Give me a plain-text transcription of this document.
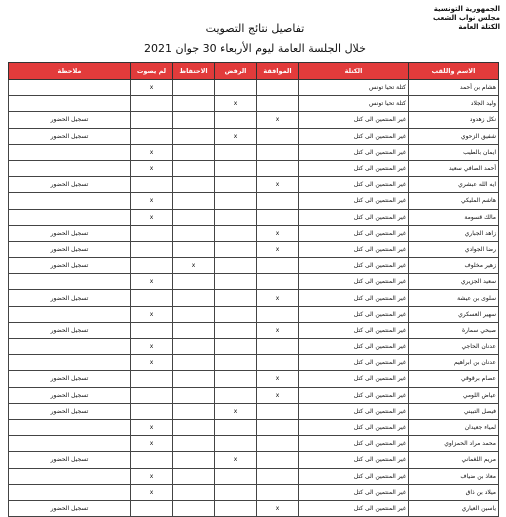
الجمهورية التونسية
مجلس نواب الشعب
الكتلة العامة
تفاصيل نتائج التصويت
خلال الجلسة العامة ليوم الأربعاء 30 جوان 2021
الاسم واللقب	الكتلة	الموافقة	الرفض	الاحتفاظ	لم يصوت	ملاحظة
هشام بن أحمد	كتلة تحيا تونس				x	
وليد الجلاد	كتلة تحيا تونس		x			
نكل زهدود	غير المنتمين الى كتل	x				تسجيل الحضور
شفيق الزحوي	غير المنتمين الى كتل		x			تسجيل الحضور
ايمان بالطيب	غير المنتمين الى كتل				x	
أحمد الصافي سعيد	غير المنتمين الى كتل				x	
ايه الله عبشري	غير المنتمين الى كتل	x				تسجيل الحضور
هاشم المليكي	غير المنتمين الى كتل				x	
مالك قسومة	غير المنتمين الى كتل				x	
زاهد الجباري	غير المنتمين الى كتل	x				تسجيل الحضور
رضا الجوادي	غير المنتمين الى كتل	x				تسجيل الحضور
زهير مخلوف	غير المنتمين الى كتل			x		تسجيل الحضور
سعيد الجزيري	غير المنتمين الى كتل				x	
سلوى بن عيشة	غير المنتمين الى كتل	x				تسجيل الحضور
سهير العسكري	غير المنتمين الى كتل				x	
صبحي سمارة	غير المنتمين الى كتل	x				تسجيل الحضور
عدنان الحاجي	غير المنتمين الى كتل				x	
عدنان بن ابراهيم	غير المنتمين الى كتل				x	
عصام برقوقي	غير المنتمين الى كتل	x				تسجيل الحضور
عياض اللومي	غير المنتمين الى كتل	x				تسجيل الحضور
فيصل التبيني	غير المنتمين الى كتل		x			تسجيل الحضور
لمياء جعيدان	غير المنتمين الى كتل				x	
محمد مراد الحمزاوي	غير المنتمين الى كتل				x	
مريم اللغماني	غير المنتمين الى كتل		x			تسجيل الحضور
معاذ بن ضياف	غير المنتمين الى كتل				x	
ميلاد بن ذاق	غير المنتمين الى كتل				x	
ياسين العياري	غير المنتمين الى كتل	x				تسجيل الحضور
